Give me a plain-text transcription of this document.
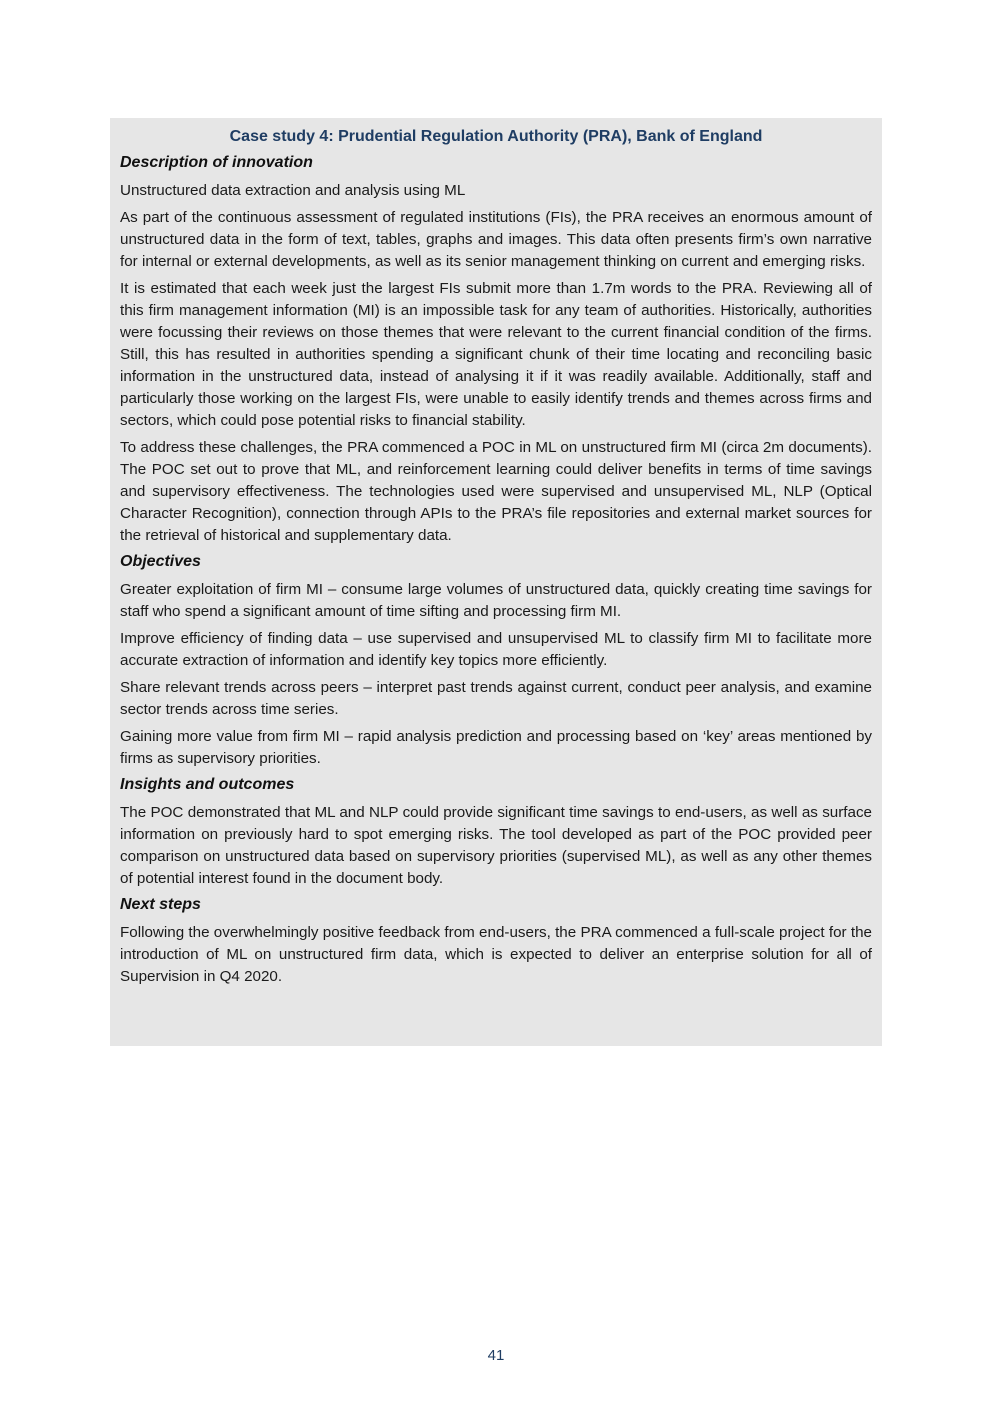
Case study 4: Prudential Regulation Authority (PRA), Bank of England
Description of innovation

Unstructured data extraction and analysis using ML

As part of the continuous assessment of regulated institutions (FIs), the PRA receives an enormous amount of unstructured data in the form of text, tables, graphs and images. This data often presents firm’s own narrative for internal or external developments, as well as its senior management thinking on current and emerging risks.

It is estimated that each week just the largest FIs submit more than 1.7m words to the PRA. Reviewing all of this firm management information (MI) is an impossible task for any team of authorities. Historically, authorities were focussing their reviews on those themes that were relevant to the current financial condition of the firms. Still, this has resulted in authorities spending a significant chunk of their time locating and reconciling basic information in the unstructured data, instead of analysing it if it was readily available. Additionally, staff and particularly those working on the largest FIs, were unable to easily identify trends and themes across firms and sectors, which could pose potential risks to financial stability.

To address these challenges, the PRA commenced a POC in ML on unstructured firm MI (circa 2m documents). The POC set out to prove that ML, and reinforcement learning could deliver benefits in terms of time savings and supervisory effectiveness. The technologies used were supervised and unsupervised ML, NLP (Optical Character Recognition), connection through APIs to the PRA’s file repositories and external market sources for the retrieval of historical and supplementary data.

Objectives

Greater exploitation of firm MI – consume large volumes of unstructured data, quickly creating time savings for staff who spend a significant amount of time sifting and processing firm MI.

Improve efficiency of finding data – use supervised and unsupervised ML to classify firm MI to facilitate more accurate extraction of information and identify key topics more efficiently.

Share relevant trends across peers – interpret past trends against current, conduct peer analysis, and examine sector trends across time series.

Gaining more value from firm MI – rapid analysis prediction and processing based on ‘key’ areas mentioned by firms as supervisory priorities.

Insights and outcomes

The POC demonstrated that ML and NLP could provide significant time savings to end-users, as well as surface information on previously hard to spot emerging risks. The tool developed as part of the POC provided peer comparison on unstructured data based on supervisory priorities (supervised ML), as well as any other themes of potential interest found in the document body.

Next steps

Following the overwhelmingly positive feedback from end-users, the PRA commenced a full-scale project for the introduction of ML on unstructured firm data, which is expected to deliver an enterprise solution for all of Supervision in Q4 2020.

41
